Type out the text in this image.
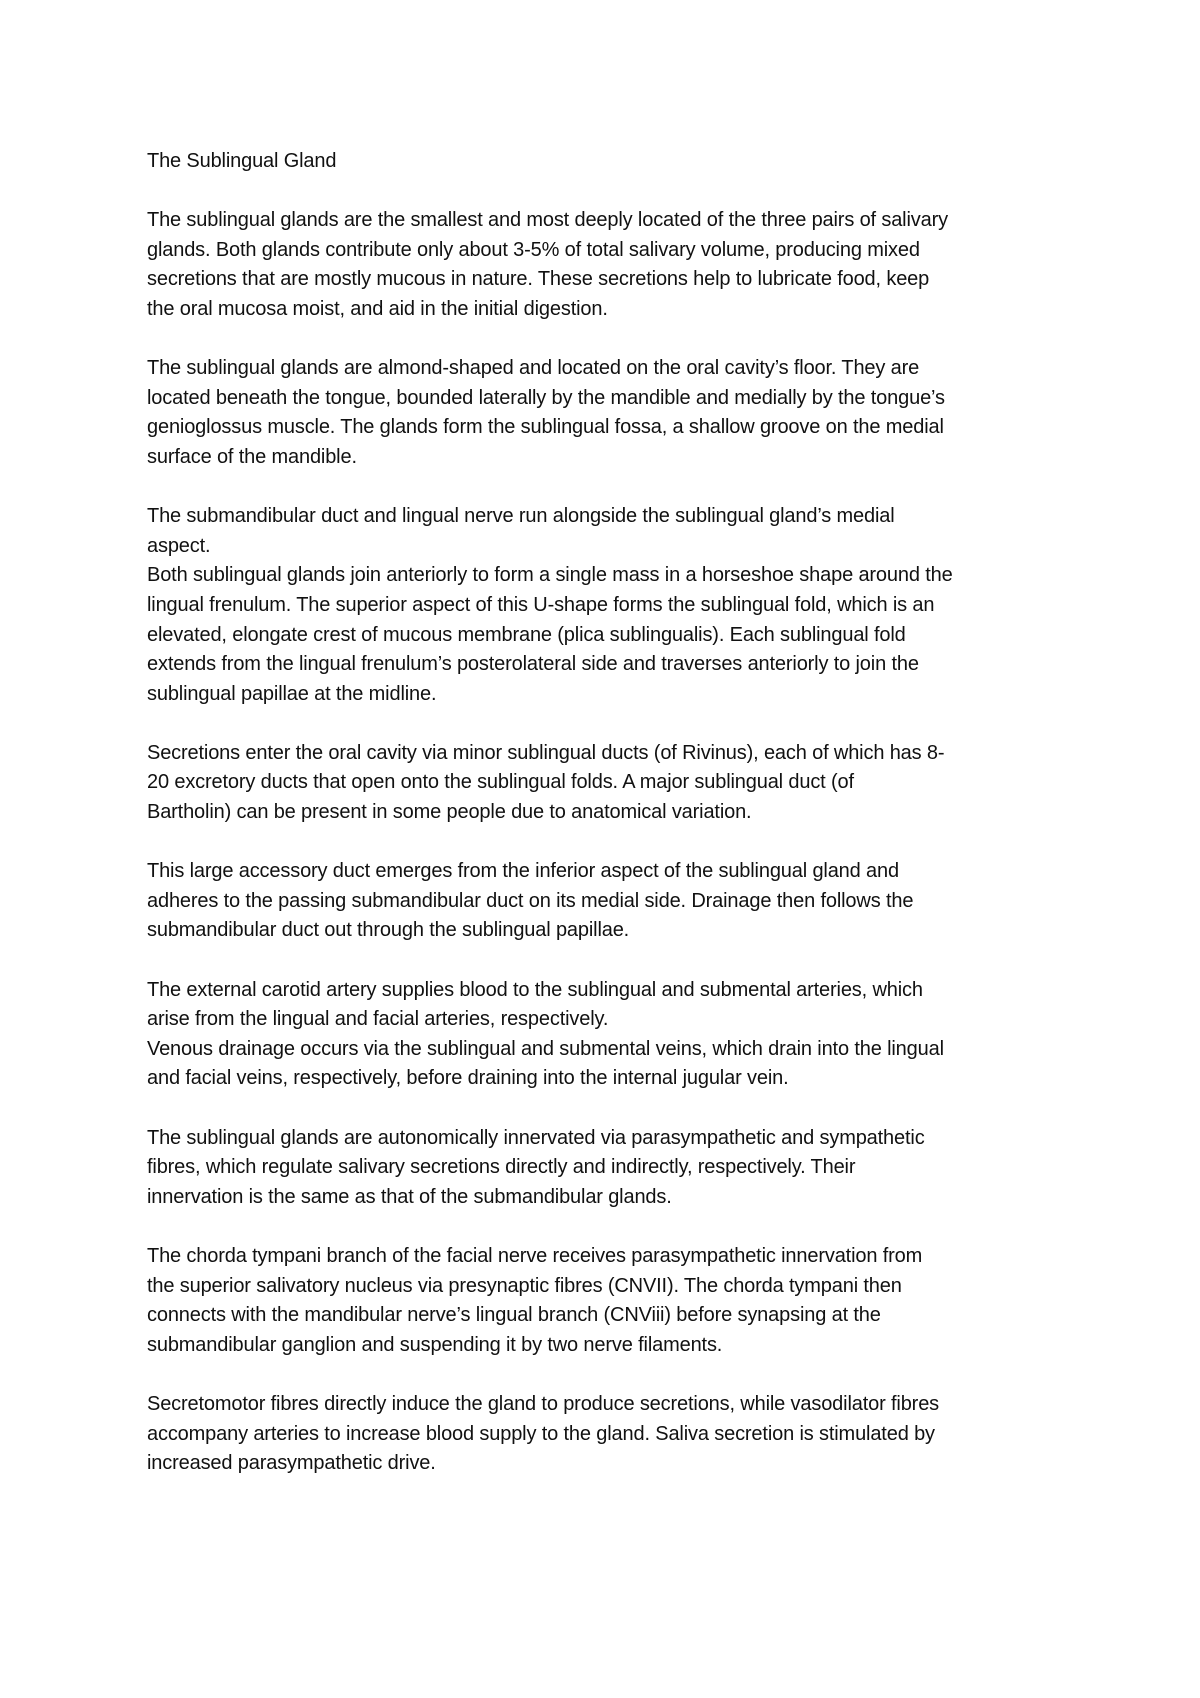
The Sublingual Gland

The sublingual glands are the smallest and most deeply located of the three pairs of salivary

glands. Both glands contribute only about 3-5% of total salivary volume, producing mixed

secretions that are mostly mucous in nature. These secretions help to lubricate food, keep

the oral mucosa moist, and aid in the initial digestion.

The sublingual glands are almond-shaped and located on the oral cavity’s floor. They are

located beneath the tongue, bounded laterally by the mandible and medially by the tongue’s

genioglossus muscle. The glands form the sublingual fossa, a shallow groove on the medial

surface of the mandible.

The submandibular duct and lingual nerve run alongside the sublingual gland’s medial

aspect.

Both sublingual glands join anteriorly to form a single mass in a horseshoe shape around the

lingual frenulum. The superior aspect of this U-shape forms the sublingual fold, which is an

elevated, elongate crest of mucous membrane (plica sublingualis). Each sublingual fold

extends from the lingual frenulum’s posterolateral side and traverses anteriorly to join the

sublingual papillae at the midline.

Secretions enter the oral cavity via minor sublingual ducts (of Rivinus), each of which has 8-

20 excretory ducts that open onto the sublingual folds. A major sublingual duct (of

Bartholin) can be present in some people due to anatomical variation.

This large accessory duct emerges from the inferior aspect of the sublingual gland and

adheres to the passing submandibular duct on its medial side. Drainage then follows the

submandibular duct out through the sublingual papillae.

The external carotid artery supplies blood to the sublingual and submental arteries, which

arise from the lingual and facial arteries, respectively.

Venous drainage occurs via the sublingual and submental veins, which drain into the lingual

and facial veins, respectively, before draining into the internal jugular vein.

The sublingual glands are autonomically innervated via parasympathetic and sympathetic

fibres, which regulate salivary secretions directly and indirectly, respectively. Their

innervation is the same as that of the submandibular glands.

The chorda tympani branch of the facial nerve receives parasympathetic innervation from

the superior salivatory nucleus via presynaptic fibres (CNVII). The chorda tympani then

connects with the mandibular nerve’s lingual branch (CNViii) before synapsing at the

submandibular ganglion and suspending it by two nerve filaments.

Secretomotor fibres directly induce the gland to produce secretions, while vasodilator fibres

accompany arteries to increase blood supply to the gland. Saliva secretion is stimulated by

increased parasympathetic drive.
